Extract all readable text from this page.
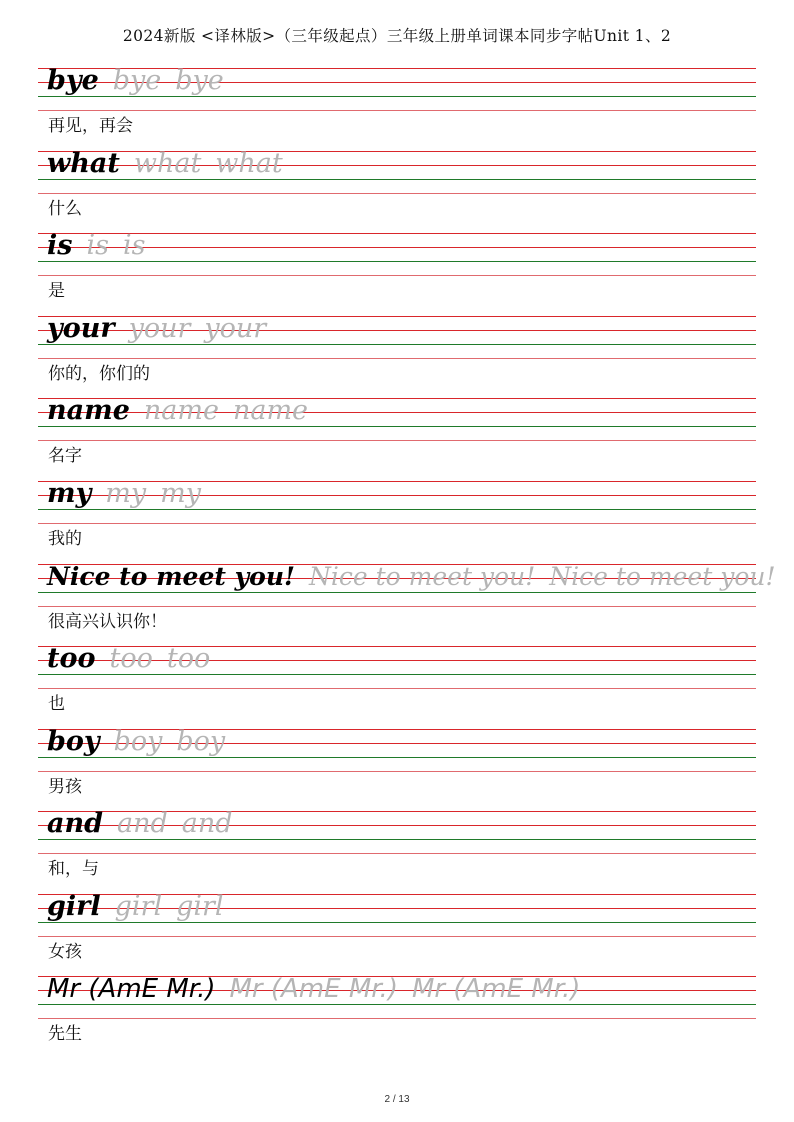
2024新版 <译林版>（三年级起点）三年级上册单词课本同步字帖Unit 1、2
bye bye bye
再见，再会
what what what
什么
is is is
是
your your your
你的，你们的
name name name
名字
my my my
我的
Nice to meet you! Nice to meet you! Nice to meet you!
很高兴认识你！
too too too
也
boy boy boy
男孩
and and and
和，与
girl girl girl
女孩
Mr (AmE Mr.) Mr (AmE Mr.) Mr (AmE Mr.)
先生
2 / 13
